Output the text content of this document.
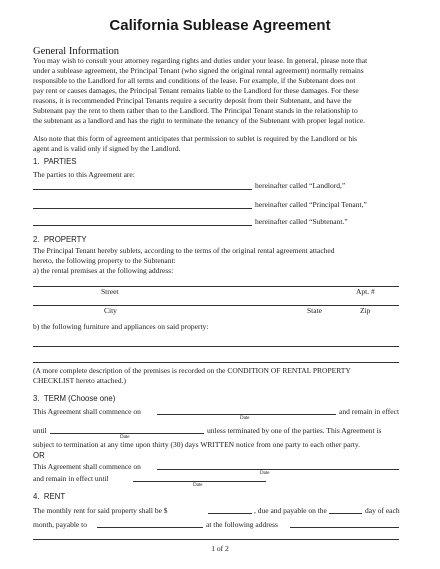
California Sublease Agreement
General Information
You may wish to consult your attorney regarding rights and duties under your lease. In general, please note that
under a sublease agreement, the Principal Tenant (who signed the original rental agreement) normally remains
responsible to the Landlord for all terms and conditions of the lease. For example, if the Subtenant does not
pay rent or causes damages, the Principal Tenant remains liable to the Landlord for these damages. For these
reasons, it is recommended Principal Tenants require a security deposit from their Subtenant, and have the
Subtenant pay the rent to them rather than to the Landlord. The Principal Tenant stands in the relationship to
the subtenant as a landlord and has the right to terminate the tenancy of the Subtenant with proper legal notice.
Also note that this form of agreement anticipates that permission to sublet is required by the Landlord or his
agent and is valid only if signed by the Landlord.
1. PARTIES
The parties to this Agreement are:
hereinafter called “Landlord,”
hereinafter called “Principal Tenant,”
hereinafter called “Subtenant.”
2. PROPERTY
The Principal Tenant hereby sublets, according to the terms of the original rental agreement attached
hereto, the following property to the Subtenant:
a) the rental premises at the following address:
Street	Apt. #
City	State	Zip
b) the following furniture and appliances on said property:
(A more complete description of the premises is recorded on the CONDITION OF RENTAL PROPERTY
CHECKLIST hereto attached.)
3. TERM (Choose one)
This Agreement shall commence on
Date
and remain in effect
until
Date
unless terminated by one of the parties. This Agreement is
subject to termination at any time upon thirty (30) days WRITTEN notice from one party to each other party.
OR
This Agreement shall commence on
Date
and remain in effect until
Date
4. RENT
The monthly rent for said property shall be $	, due and payable on the	day of each
month, payable to	at the following address
1 of 2
